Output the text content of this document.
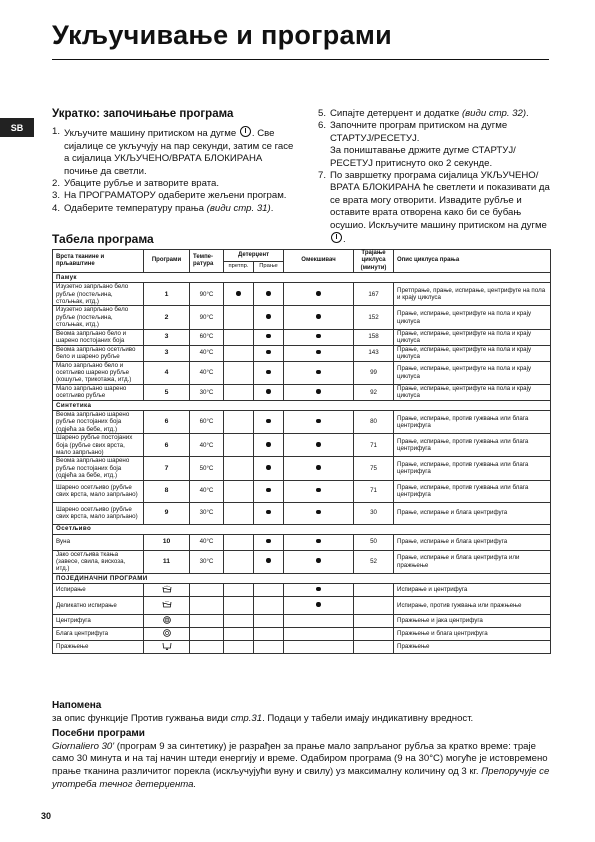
Укључивање и програми
SB
Укратко: започињање програма
1. Укључите машину притиском на дугме . Све сијалице се укључују на пар секунди, затим се гасе а сијалица УКЉУЧЕНО/ВРАТА БЛОКИРАНА почиње да светли.
2. Убаците рубље и затворите врата.
3. На ПРОГРАМАТОРУ одаберите жељени програм.
4. Одаберите температуру прања (види стр. 31).
5. Сипајте детерџент и додатке (види стр. 32).
6. Започните програм притиском на дугме СТАРТУЈ/РЕСЕТУЈ.
За поништавање држите дугме СТАРТУЈ/РЕСЕТУЈ притиснуто око 2 секунде.
7. По завршетку програма сијалица УКЉУЧЕНО/ВРАТА БЛОКИРАНА ће светлети и показивати да се врата могу отворити. Извадите рубље и оставите врата отворена како би се бубањ осушио. Искључите машину притиском на дугме .
Табела програма
Врста тканине и прљавштине	Програми	Темпе- ратура	Детерџент		Омекшивач	Трајање циклуса (минути)	Опис циклуса прања
			претпр.	Прање			
Памук							
Изузетно запрљано бело рубље (постељина, стољњак, итд.)	1	90°C				167	Претпрање, прање, испирање, центрифуге на пола и крају циклуса
Изузетно запрљано бело рубље (постељина, стољњак, итд.)	2	90°C				152	Прање, испирање, центрифуге на пола и крају циклуса
Веома запрљано бело и шарено постојаних боја	3	60°C				158	Прање, испирање, центрифуге на пола и крају циклуса
Веома запрљано осетљиво бело и шарено рубље	3	40°C				143	Прање, испирање, центрифуге на пола и крају циклуса
Мало запрљано бело и осетљиво шарено рубље (кошуље, трикотажа, итд.)	4	40°C				99	Прање, испирање, центрифуге на пола и крају циклуса
Мало запрљано шарено осетљиво рубље	5	30°C				92	Прање, испирање, центрифуге на пола и крају циклуса
Синтетика							
Веома запрљано шарено рубље постојаних боја (одјећа за бебе, итд.)	6	60°C				80	Прање, испирање, против гужвања или блага центрифуга
Шарено рубље постојаних боја (рубље свих врста, мало запрљано)	6	40°C				71	Прање, испирање, против гужвања или блага центрифуга
Веома запрљано шарено рубље постојаних боја (одјећа за бебе, итд.)	7	50°C				75	Прање, испирање, против гужвања или блага центрифуга
Шарено осетљиво (рубље свих врста, мало запрљано)	8	40°C				71	Прање, испирање, против гужвања или блага центрифуга
Шарено осетљиво (рубље свих врста, мало запрљано)	9	30°C				30	Прање, испирање и блага центрифуга
Осетљиво							
Вуна	10	40°C				50	Прање, испирање и блага центрифуга
Јако осетљива ткања (завесе, свила, вискоза, итд.)	11	30°C				52	Прање, испирање и блага центрифуга или пражњење
ПОЈЕДИНАЧНИ ПРОГРАМИ							
Испирање							Испирање и центрифуга
Деликатно испирање							Испирање, против гужвања или пражњење
Центрифуга							Пражњење и јака центрифуга
Блага центрифуга							Пражњење и блага центрифуга
Пражњење							Пражњење
Напомена
за опис функције Против гужвања види стр.31. Подаци у табели имају индикативну вредност.
Посебни програми
Giornaliero 30' (програм 9 за синтетику) је разрађен за прање мало запрљаног рубља за кратко време: траје само 30 минута и на тај начин штеди енергију и време. Одабиром програма (9 на 30°C) могуће је истовремено прање тканина различитог порекла (искључујући вуну и свилу) уз максималну количину од 3 кг. Препоручује се употреба течног детерџента.
30
